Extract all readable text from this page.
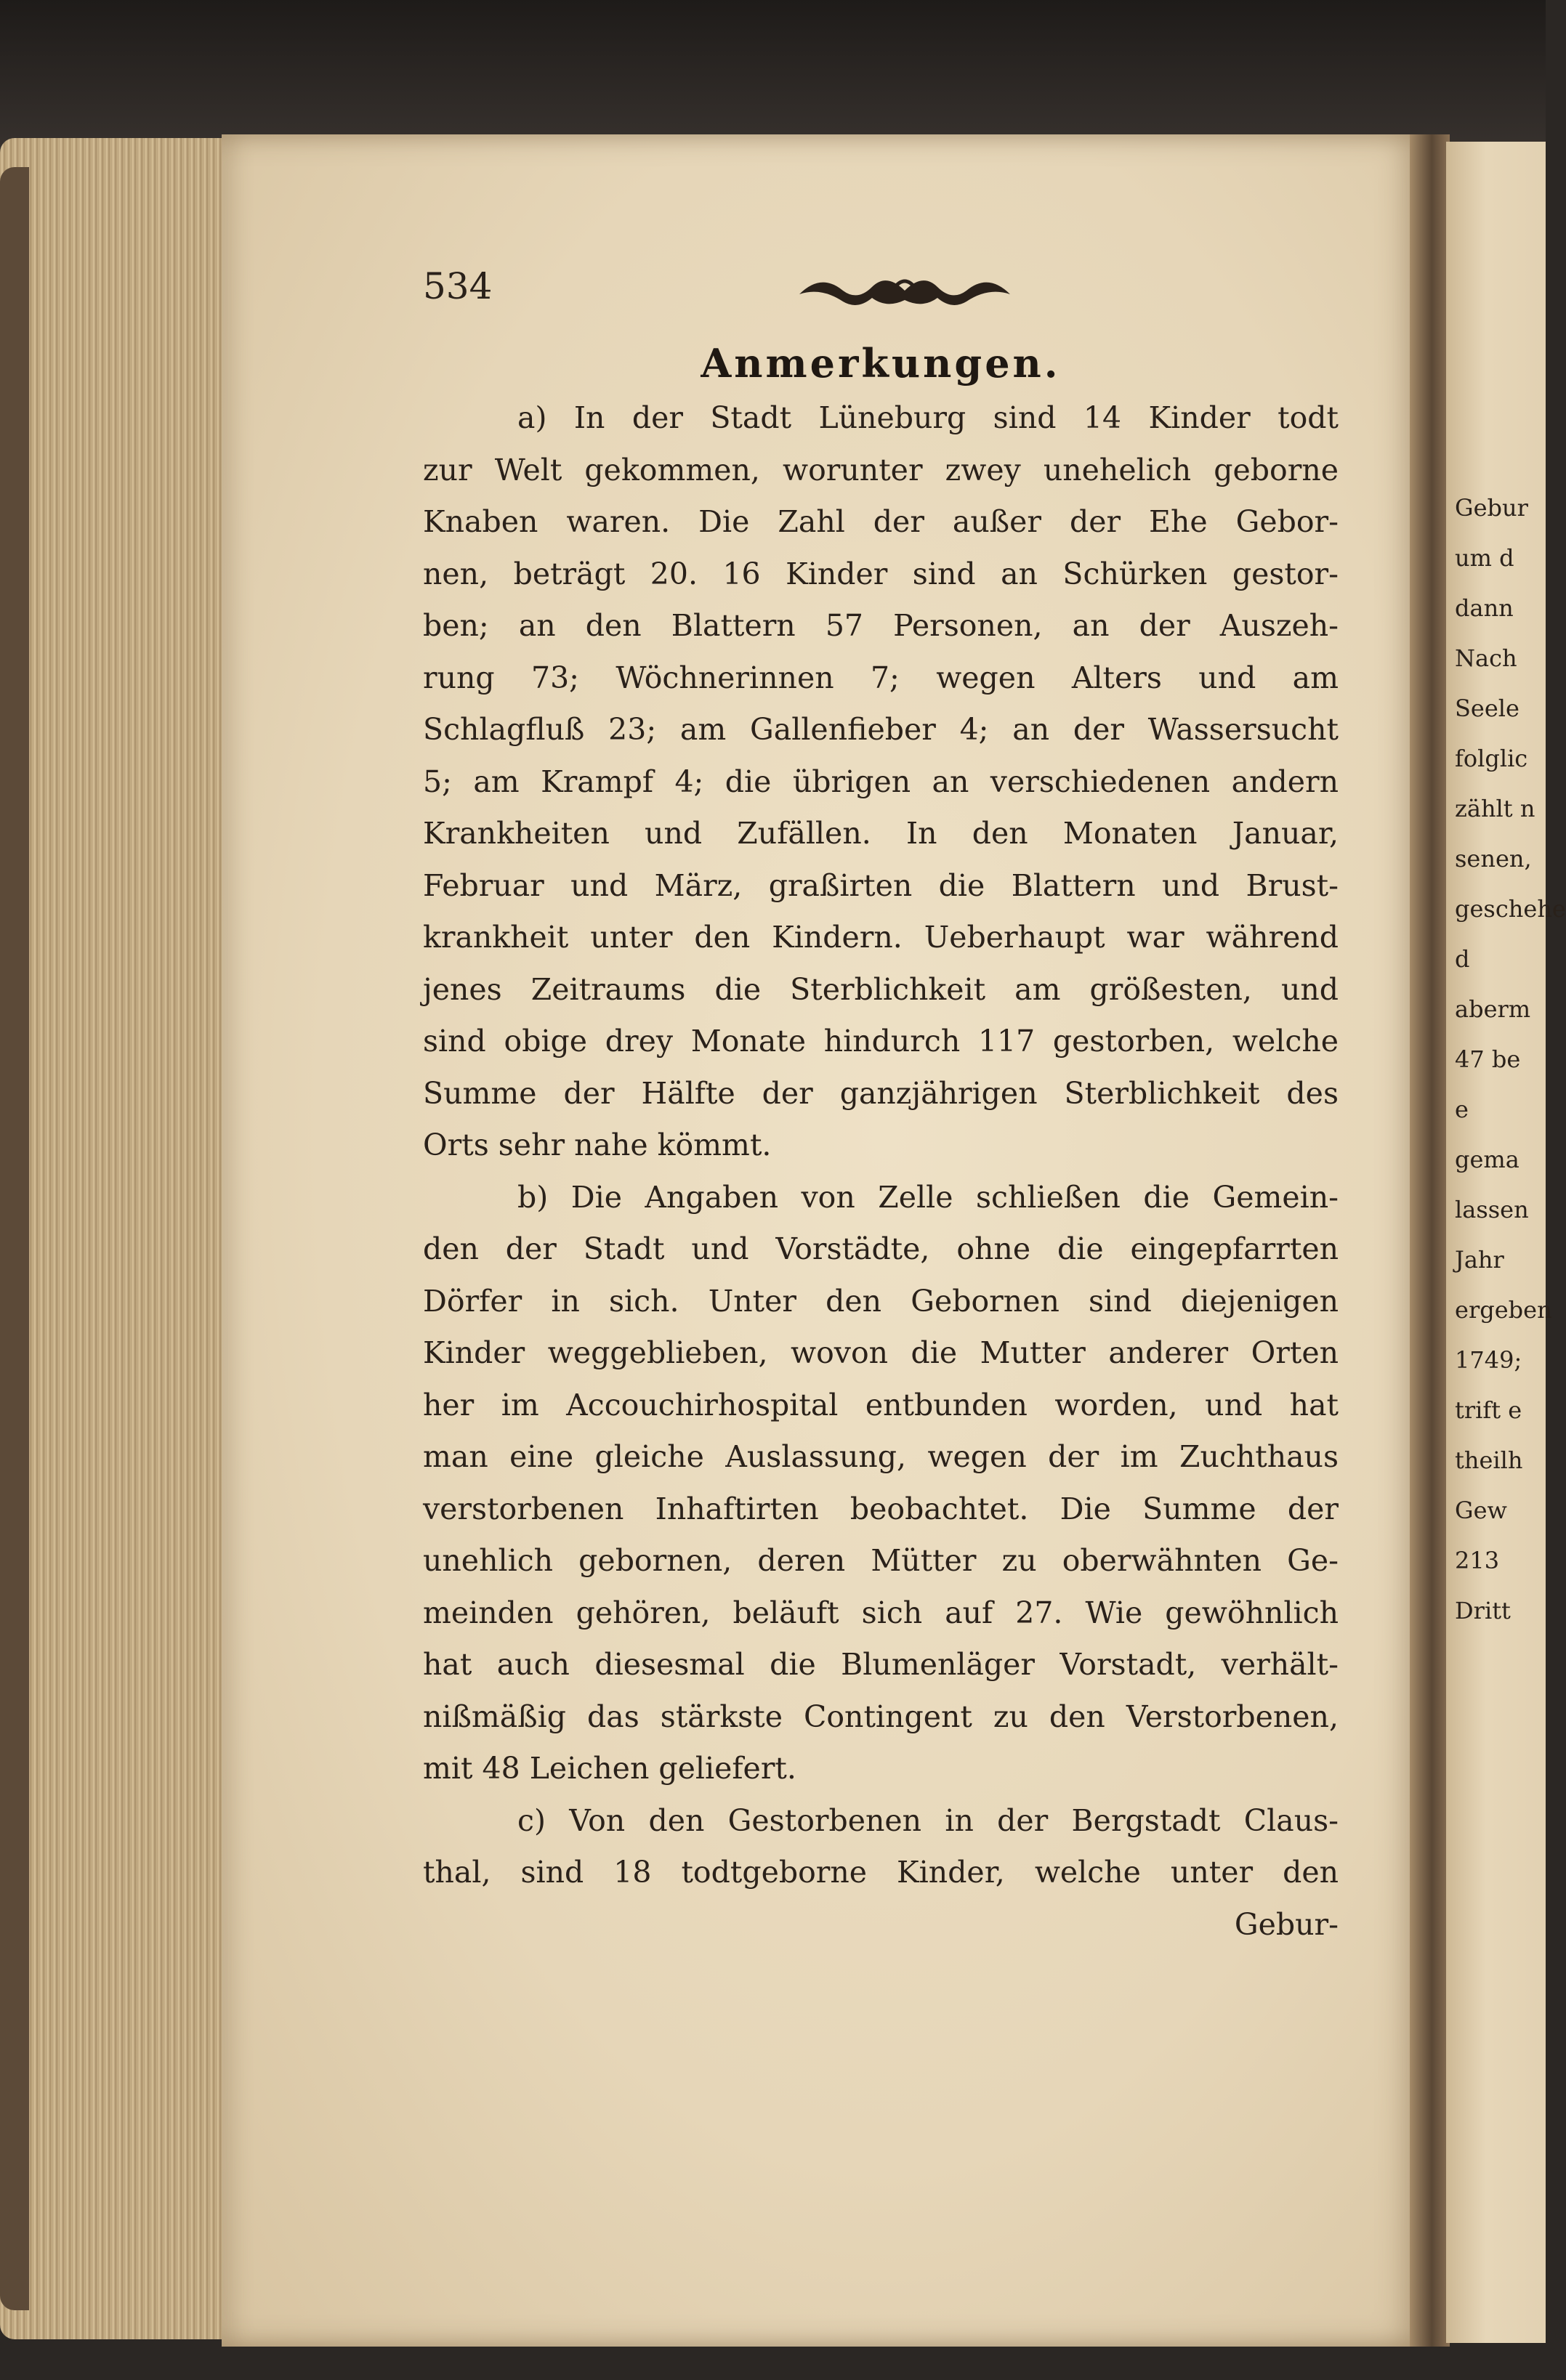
Gebur
um d
dann
Nach
Seele
folglic
zählt n
senen,
geschehe
d
aberm
47 be
e
gema
lassen
Jahr
ergeben
1749;
trift e
theilh
Gew
213
Dritt
534
Anmerkungen.
a) In der Stadt Lüneburg sind 14 Kinder todt
zur Welt gekommen, worunter zwey unehelich geborne
Knaben waren. Die Zahl der außer der Ehe Gebor-
nen, beträgt 20. 16 Kinder sind an Schürken gestor-
ben; an den Blattern 57 Personen, an der Auszeh-
rung 73; Wöchnerinnen 7; wegen Alters und am
Schlagfluß 23; am Gallenfieber 4; an der Wassersucht
5; am Krampf 4; die übrigen an verschiedenen andern
Krankheiten und Zufällen. In den Monaten Januar,
Februar und März, graßirten die Blattern und Brust-
krankheit unter den Kindern. Ueberhaupt war während
jenes Zeitraums die Sterblichkeit am größesten, und
sind obige drey Monate hindurch 117 gestorben, welche
Summe der Hälfte der ganzjährigen Sterblichkeit des
Orts sehr nahe kömmt.
b) Die Angaben von Zelle schließen die Gemein-
den der Stadt und Vorstädte, ohne die eingepfarrten
Dörfer in sich. Unter den Gebornen sind diejenigen
Kinder weggeblieben, wovon die Mutter anderer Orten
her im Accouchirhospital entbunden worden, und hat
man eine gleiche Auslassung, wegen der im Zuchthaus
verstorbenen Inhaftirten beobachtet. Die Summe der
unehlich gebornen, deren Mütter zu oberwähnten Ge-
meinden gehören, beläuft sich auf 27. Wie gewöhnlich
hat auch diesesmal die Blumenläger Vorstadt, verhält-
nißmäßig das stärkste Contingent zu den Verstorbenen,
mit 48 Leichen geliefert.
c) Von den Gestorbenen in der Bergstadt Claus-
thal, sind 18 todtgeborne Kinder, welche unter den
Gebur-
